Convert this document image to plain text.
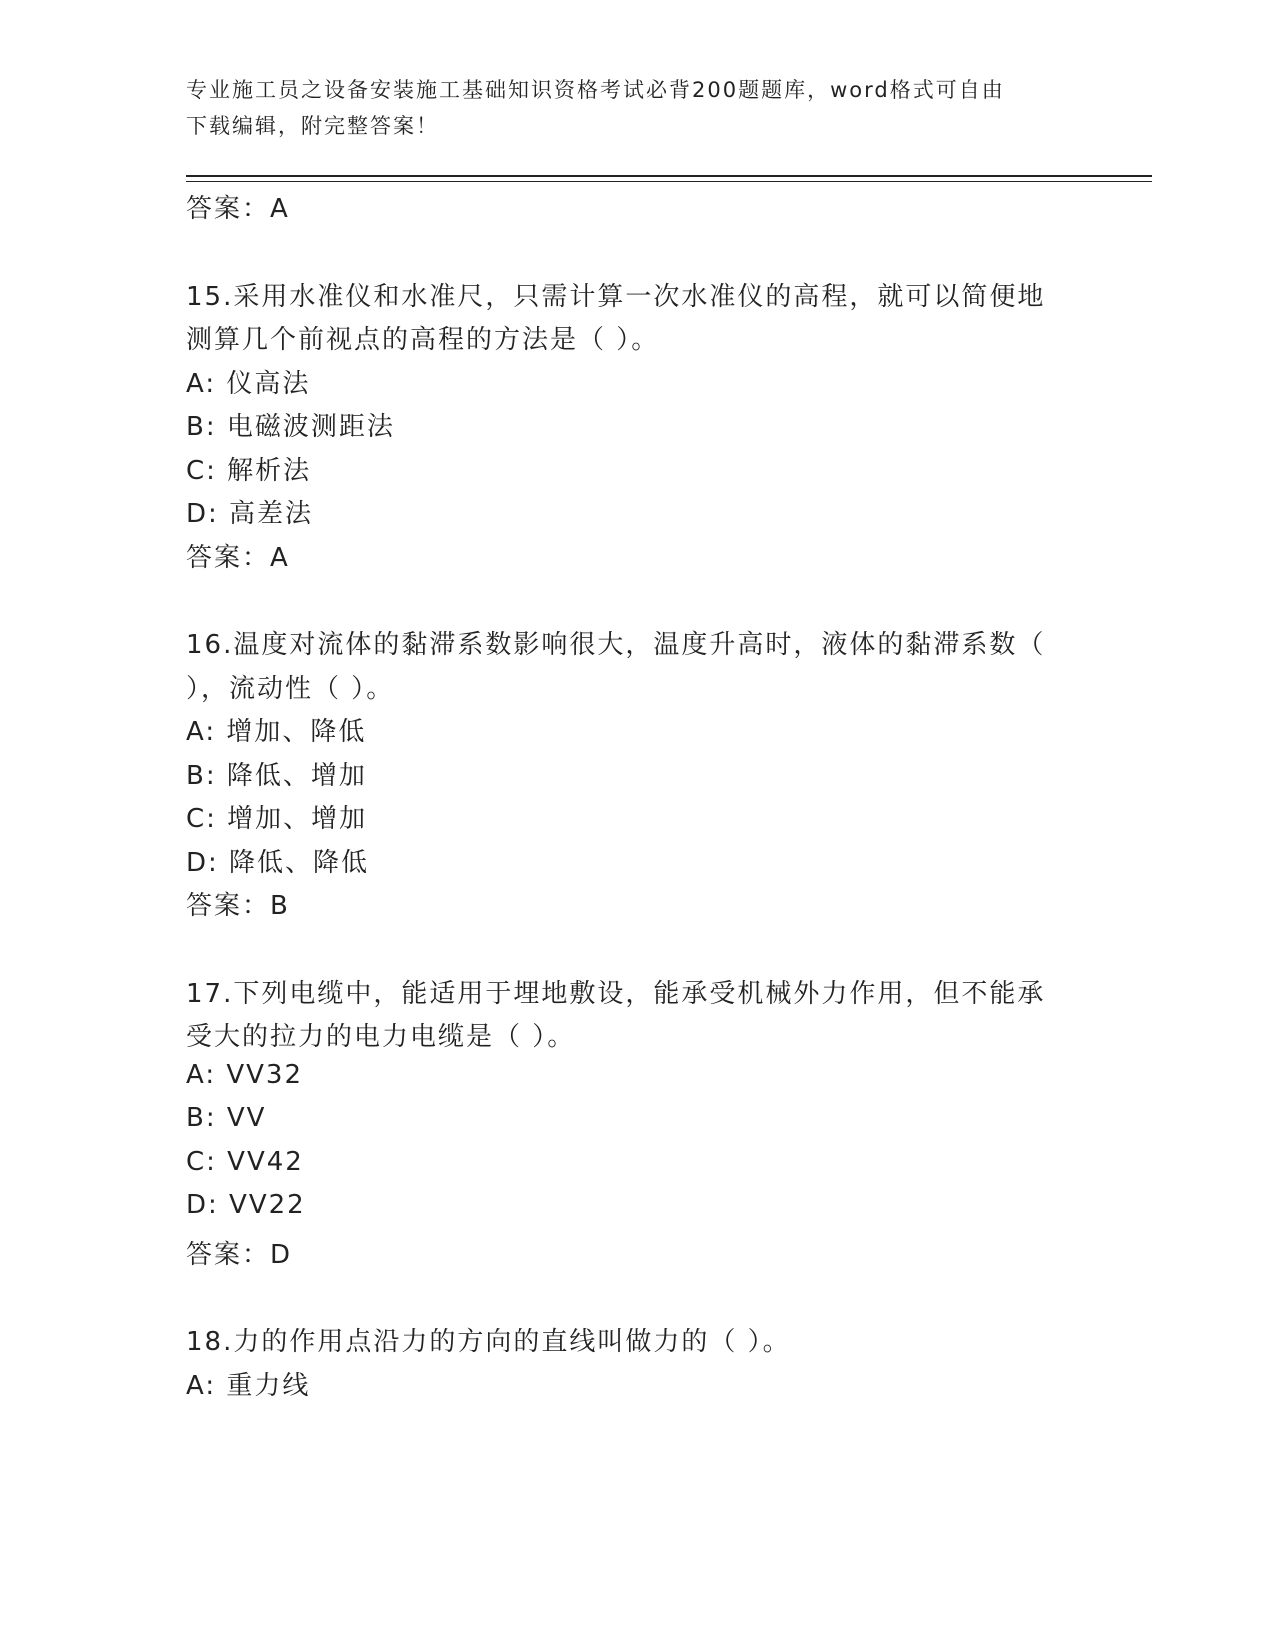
专业施工员之设备安装施工基础知识资格考试必背200题题库，word格式可自由
下载编辑，附完整答案！
答案：A
15.采用水准仪和水准尺，只需计算一次水准仪的高程，就可以简便地
测算几个前视点的高程的方法是（ ）。
A: 仪高法
B: 电磁波测距法
C: 解析法
D: 高差法
答案：A
16.温度对流体的黏滞系数影响很大，温度升高时，液体的黏滞系数（
），流动性（ ）。
A: 增加、降低
B: 降低、增加
C: 增加、增加
D: 降低、降低
答案：B
17.下列电缆中，能适用于埋地敷设，能承受机械外力作用，但不能承
受大的拉力的电力电缆是（ ）。
A: VV32
B: VV
C: VV42
D: VV22
答案：D
18.力的作用点沿力的方向的直线叫做力的（ ）。
A: 重力线
